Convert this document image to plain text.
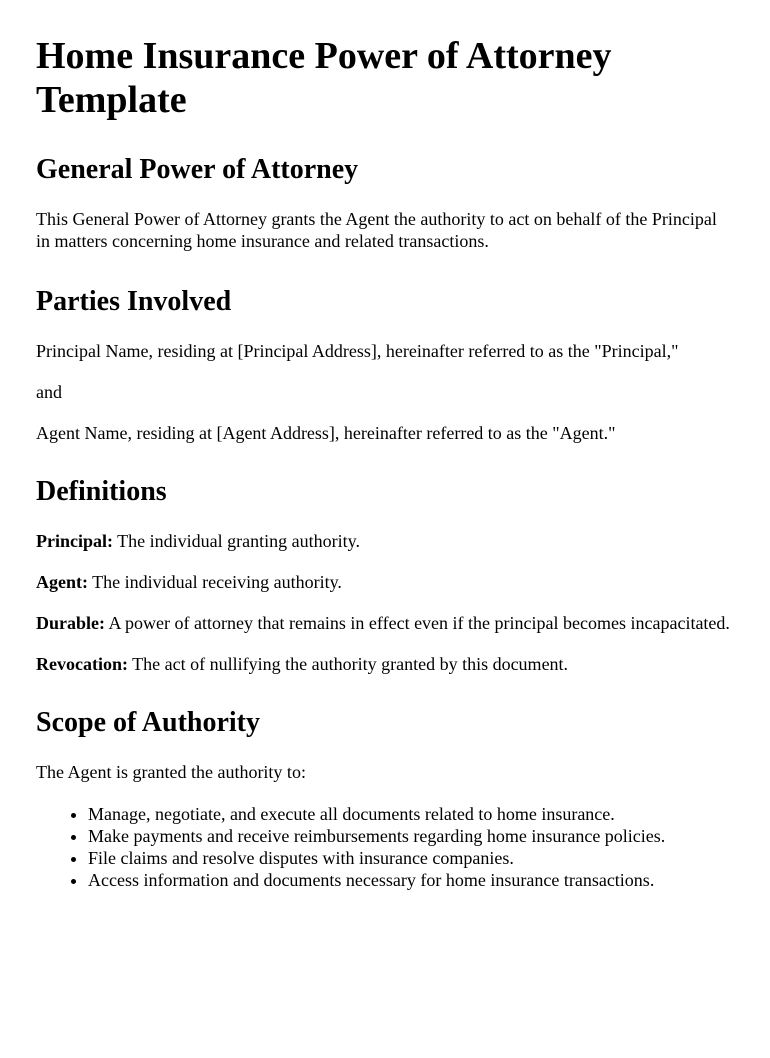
Home Insurance Power of Attorney Template
General Power of Attorney

This General Power of Attorney grants the Agent the authority to act on behalf of the Principal in matters concerning home insurance and related transactions.

Parties Involved

Principal Name, residing at [Principal Address], hereinafter referred to as the "Principal,"

and

Agent Name, residing at [Agent Address], hereinafter referred to as the "Agent."

Definitions

Principal: The individual granting authority.

Agent: The individual receiving authority.

Durable: A power of attorney that remains in effect even if the principal becomes incapacitated.

Revocation: The act of nullifying the authority granted by this document.

Scope of Authority

The Agent is granted the authority to:

• Manage, negotiate, and execute all documents related to home insurance.
• Make payments and receive reimbursements regarding home insurance policies.
• File claims and resolve disputes with insurance companies.
• Access information and documents necessary for home insurance transactions.
